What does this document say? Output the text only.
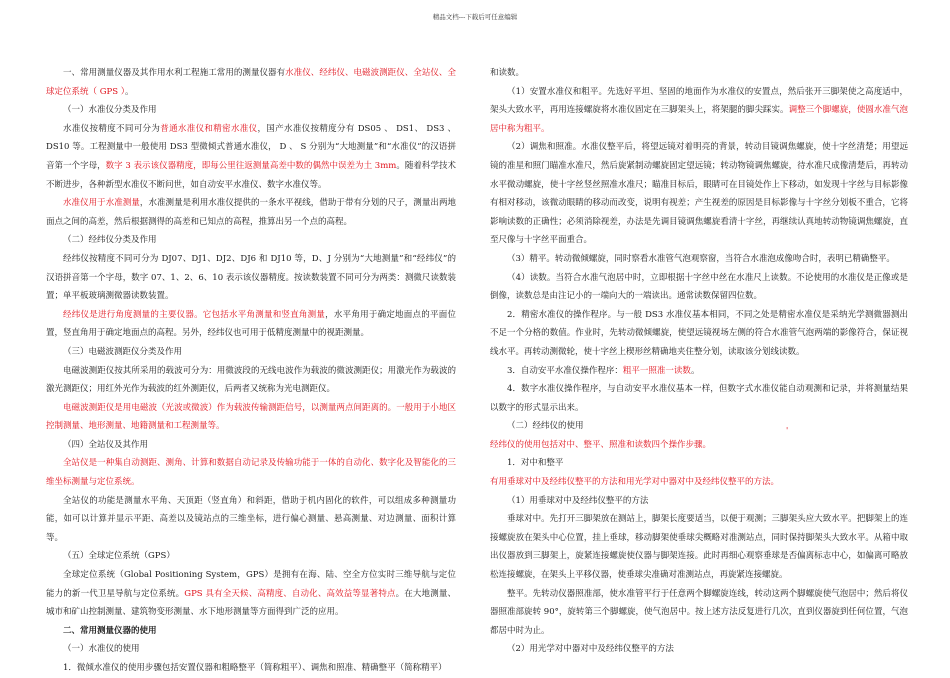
精品文档---下载后可任意编辑

一、常用测量仪器及其作用水利工程施工常用的测量仪器有水准仪、经纬仪、电磁波测距仪、全站仪、全球定位系统（ GPS ）。

（一）水准仪分类及作用

水准仪按精度不同可分为普通水准仪和精密水准仪，国产水准仪按精度分有 DS05 、 DS1、 DS3 、 DS10 等。工程测量中一般使用 DS3 型微倾式普通水准仪， D 、 S 分别为“大地测量”和“水准仪”的汉语拼音第一个字母，数字 3 表示该仪器精度，即每公里往返测量高差中数的偶然中误差为土 3mm。随着科学技术不断进步，各种新型水准仪不断问世，如自动安平水准仪、数字水准仪等。

水准仪用于水准测量，水准测量是利用水准仪提供的一条水平视线，借助于带有分划的尺子，测量出两地面点之间的高差，然后根据测得的高差和已知点的高程，推算出另一个点的高程。

（二）经纬仪分类及作用

经纬仪按精度不同可分为 DJ07、DJ1、DJ2、DJ6 和 DJ10 等，D、J 分别为“大地测量”和“经纬仪”的汉语拼音第一个字母，数字 07、1、2、6、10 表示该仪器精度。按读数装置不同可分为两类：测微尺读数装置；单平板玻璃测微器读数装置。

经纬仪是进行角度测量的主要仪器。它包括水平角测量和竖直角测量，水平角用于确定地面点的平面位置，竖直角用于确定地面点的高程。另外，经纬仪也可用于低精度测量中的视距测量。

（三）电磁波测距仪分类及作用

电磁波测距仪按其所采用的载波可分为：用微波段的无线电波作为载波的微波测距仪；用激光作为载波的激光测距仪；用红外光作为载波的红外测距仪，后两者又统称为光电测距仪。

电磁波测距仪是用电磁波（光波或微波）作为载波传输测距信号，以测量两点间距离的。一般用于小地区控制测量、地形测量、地籍测量和工程测量等。

（四）全站仪及其作用

全站仪是一种集自动测距、测角、计算和数据自动记录及传输功能于一体的自动化、数字化及智能化的三维坐标测量与定位系统。

全站仪的功能是测量水平角、天顶距（竖直角）和斜距，借助于机内固化的软件，可以组成多种测量功能，如可以计算并显示平距、高差以及镜站点的三维坐标，进行偏心测量、悬高测量、对边测量、面积计算等。

（五）全球定位系统（GPS）

全球定位系统（Global Positioning System，GPS）是拥有在海、陆、空全方位实时三维导航与定位能力的新一代卫星导航与定位系统。GPS 具有全天候、高精度、自动化、高效益等显著特点。在大地测量、城市和矿山控制测量、建筑物变形测量、水下地形测量等方面得到广泛的应用。

二、常用测量仪器的使用

（一）水准仪的使用

1．微倾水准仪的使用步骤包括安置仪器和粗略整平（简称粗平）、调焦和照准、精确整平（简称精平）

和读数。

（1）安置水准仪和粗平。先选好平坦、坚固的地面作为水准仪的安置点，然后张开三脚架使之高度适中，架头大致水平，再用连接螺旋将水准仪固定在三脚架头上，将架腿的脚尖踩实。调整三个脚螺旋，使圆水准气泡居中称为粗平。

（2）调焦和照准。水准仪整平后，将望远镜对着明亮的背景，转动目镜调焦螺旋，使十字丝清楚；用望远镜的准星和照门瞄准水准尺，然后旋紧制动螺旋固定望远镜；转动物镜调焦螺旋，待水准尺成像清楚后，再转动水平微动螺旋，使十字丝竖丝照准水准尺；瞄准目标后，眼睛可在目镜处作上下移动，如发现十字丝与目标影像有相对移动，该微动眼睛的移动而改变，说明有视差；产生视差的原因是目标影像与十字丝分划板不重合，它将影响读数的正确性；必须消除视差，办法是先调目镜调焦螺旋看清十字丝，再继续认真地转动物镜调焦螺旋，直至尺像与十字丝平面重合。

（3）精平。转动微倾螺旋，同时察看水准管气泡观察窗，当符合水准泡成像吻合时，表明已精确整平。

（4）读数。当符合水准气泡居中时，立即根据十字丝中丝在水准尺上读数。不论使用的水准仪是正像或是倒像，读数总是由注记小的一端向大的一端读出。通常读数保留四位数。

2．精密水准仪的操作程序。与一般 DS3 水准仪基本相同，不同之处是精密水准仪是采纳光学测微器测出不足一个分格的数值。作业时，先转动微倾螺旋，使望远镜视场左侧的符合水准管气泡两端的影像符合，保证视线水平。再转动测微轮，使十字丝上楔形丝精确地夹住整分划，读取该分划线读数。

3．自动安平水准仪操作程序：粗平一照准一读数。

4．数字水准仪操作程序，与自动安平水准仪基本一样，但数字式水准仪能自动观测和记录，并将测量结果以数字的形式显示出来。

（二）经纬仪的使用

经纬仪的使用包括对中、整平、照准和读数四个操作步骤。

1．对中和整平

有用垂球对中及经纬仪整平的方法和用光学对中器对中及经纬仪整平的方法。

（1）用垂球对中及经纬仪整平的方法

垂球对中。先打开三脚架放在测站上，脚架长度要适当，以便于观测；三脚架头应大致水平。把脚架上的连接螺旋放在架头中心位置，挂上垂球，移动脚架使垂球尖概略对准测站点，同时保持脚架头大致水平。从箱中取出仪器放到三脚架上，旋紧连接螺旋使仪器与脚架连接。此时再细心观察垂球是否偏离标志中心，如偏离可略放松连接螺旋，在架头上平移仪器，使垂球尖准确对准测站点，再旋紧连接螺旋。

整平。先转动仪器照准部，使水准管平行于任意两个脚螺旋连线，转动这两个脚螺旋使气泡居中；然后将仪器照准部旋转 90°，旋转第三个脚螺旋，使气泡居中。按上述方法反复进行几次，直到仪器旋到任何位置，气泡都居中时为止。

（2）用光学对中器对中及经纬仪整平的方法

'
